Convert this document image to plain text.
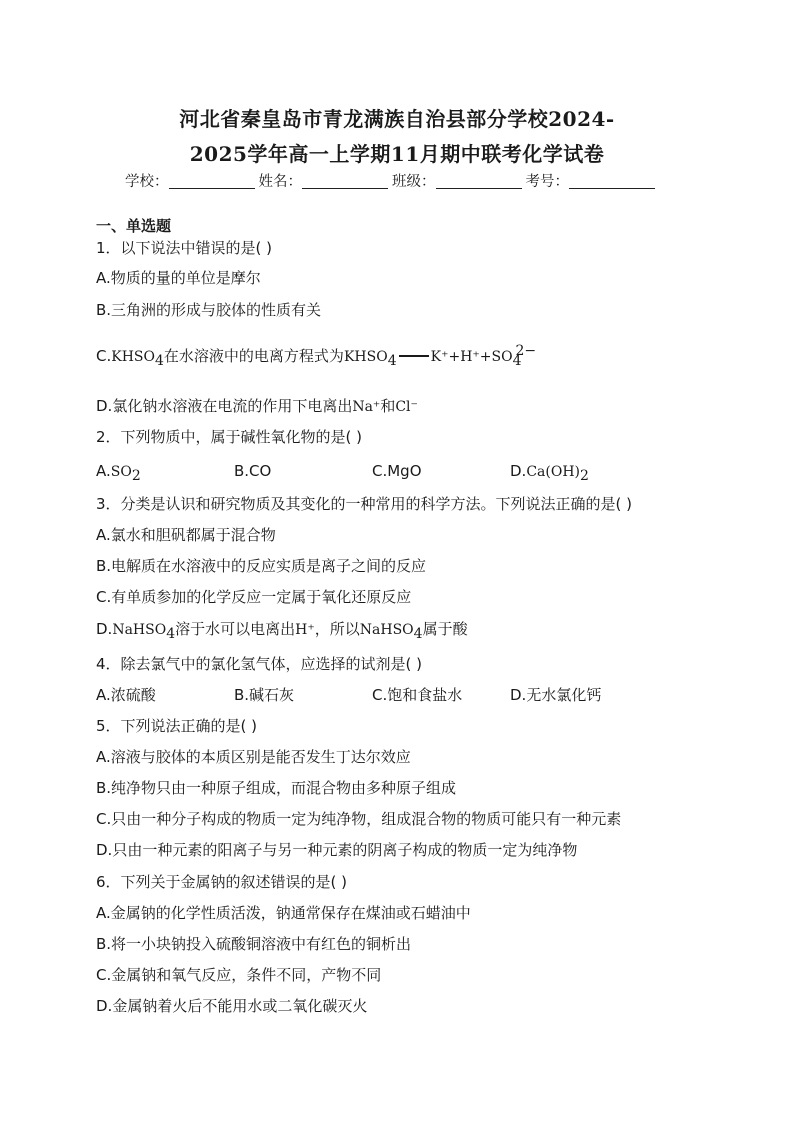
河北省秦皇岛市青龙满族自治县部分学校2024-
2025学年高一上学期11月期中联考化学试卷
学校：	姓名：	班级：	考号：
一、单选题
1．以下说法中错误的是( )
A.物质的量的单位是摩尔
B.三角洲的形成与胶体的性质有关
$C.KHSO_4$在水溶液中的电离方程式为$KHSO_4$ $K^++H^++SO_4^{2-}$
D.氯化钠水溶液在电流的作用下电离出Na⁺和Cl⁻
2．下列物质中，属于碱性氧化物的是( )
$A.SO_2$	B.CO	C.MgO	$D.Ca(OH)_2$
3．分类是认识和研究物质及其变化的一种常用的科学方法。下列说法正确的是( )
A.氯水和胆矾都属于混合物
B.电解质在水溶液中的反应实质是离子之间的反应
C.有单质参加的化学反应一定属于氧化还原反应
D.NaHSO$_4$溶于水可以电离出H⁺，所以NaHSO$_4$属于酸
4．除去氯气中的氯化氢气体，应选择的试剂是( )
A.浓硫酸	B.碱石灰	C.饱和食盐水	D.无水氯化钙
5．下列说法正确的是( )
A.溶液与胶体的本质区别是能否发生丁达尔效应
B.纯净物只由一种原子组成，而混合物由多种原子组成
C.只由一种分子构成的物质一定为纯净物，组成混合物的物质可能只有一种元素
D.只由一种元素的阳离子与另一种元素的阴离子构成的物质一定为纯净物
6．下列关于金属钠的叙述错误的是( )
A.金属钠的化学性质活泼，钠通常保存在煤油或石蜡油中
B.将一小块钠投入硫酸铜溶液中有红色的铜析出
C.金属钠和氧气反应，条件不同，产物不同
D.金属钠着火后不能用水或二氧化碳灭火
